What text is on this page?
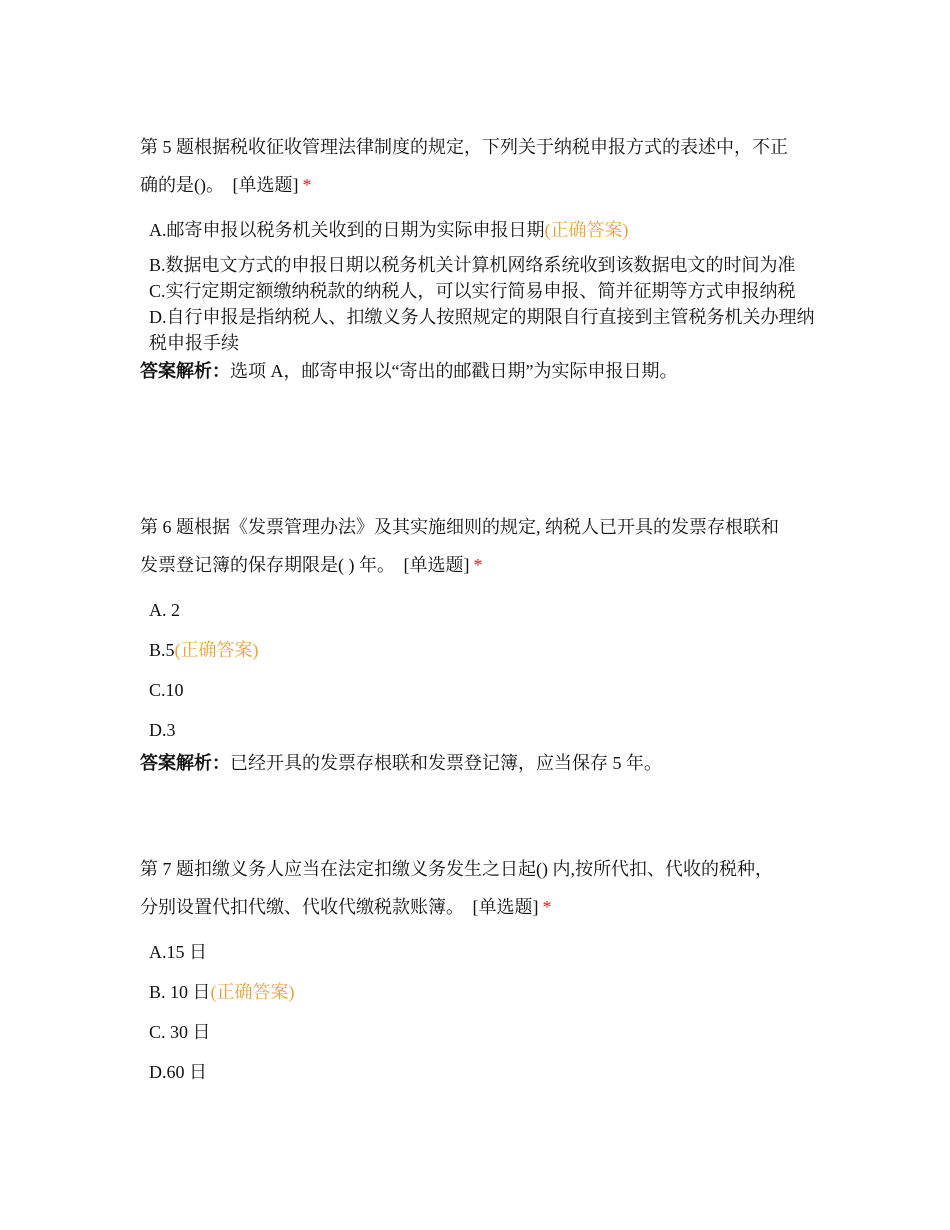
第 5 题根据税收征收管理法律制度的规定，下列关于纳税申报方式的表述中，不正
确的是()。 [单选题] *

A.邮寄申报以税务机关收到的日期为实际申报日期(正确答案)
B.数据电文方式的申报日期以税务机关计算机网络系统收到该数据电文的时间为准
C.实行定期定额缴纳税款的纳税人，可以实行简易申报、简并征期等方式申报纳税
D.自行申报是指纳税人、扣缴义务人按照规定的期限自行直接到主管税务机关办理纳税申报手续
答案解析：选项 A，邮寄申报以“寄出的邮戳日期”为实际申报日期。

第 6 题根据《发票管理办法》及其实施细则的规定, 纳税人已开具的发票存根联和
发票登记簿的保存期限是( ) 年。 [单选题] *

A. 2
B.5(正确答案)
C.10
D.3
答案解析：已经开具的发票存根联和发票登记簿，应当保存 5 年。

第 7 题扣缴义务人应当在法定扣缴义务发生之日起() 内,按所代扣、代收的税种，
分别设置代扣代缴、代收代缴税款账簿。 [单选题] *

A.15 日
B. 10 日(正确答案)
C. 30 日
D.60 日
